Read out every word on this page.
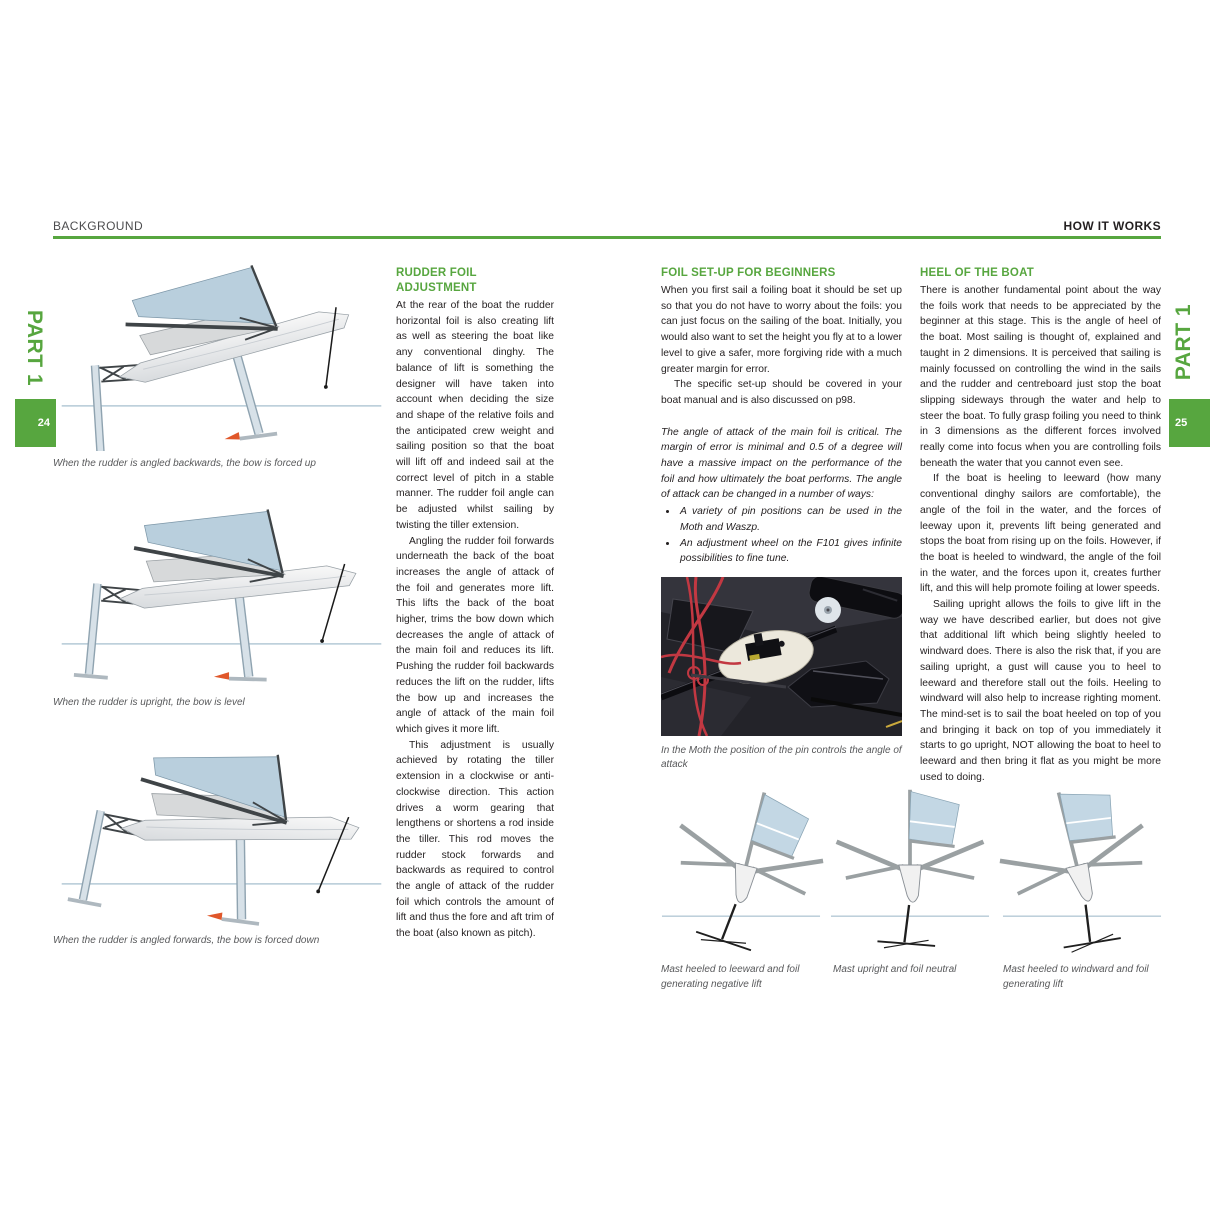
BACKGROUND	HOW IT WORKS
PART 1	PART 1
24	25
When the rudder is angled backwards, the bow is forced up
When the rudder is upright, the bow is level
When the rudder is angled forwards, the bow is forced down
RUDDER FOIL ADJUSTMENT

At the rear of the boat the rudder horizontal foil is also creating lift as well as steering the boat like any conventional dinghy. The balance of lift is something the designer will have taken into account when deciding the size and shape of the relative foils and the anticipated crew weight and sailing position so that the boat will lift off and indeed sail at the correct level of pitch in a stable manner. The rudder foil angle can be adjusted whilst sailing by twisting the tiller extension.

Angling the rudder foil forwards underneath the back of the boat increases the angle of attack of the foil and generates more lift. This lifts the back of the boat higher, trims the bow down which decreases the angle of attack of the main foil and reduces its lift. Pushing the rudder foil backwards reduces the lift on the rudder, lifts the bow up and increases the angle of attack of the main foil which gives it more lift.

This adjustment is usually achieved by rotating the tiller extension in a clockwise or anti-clockwise direction. This action drives a worm gearing that lengthens or shortens a rod inside the tiller. This rod moves the rudder stock forwards and backwards as required to control the angle of attack of the rudder foil which controls the amount of lift and thus the fore and aft trim of the boat (also known as pitch).

FOIL SET-UP FOR BEGINNERS

When you first sail a foiling boat it should be set up so that you do not have to worry about the foils: you can just focus on the sailing of the boat. Initially, you would also want to set the height you fly at to a lower level to give a safer, more forgiving ride with a much greater margin for error.

The specific set-up should be covered in your boat manual and is also discussed on p98.

The angle of attack of the main foil is critical. The margin of error is minimal and 0.5 of a degree will have a massive impact on the performance of the foil and how ultimately the boat performs. The angle of attack can be changed in a number of ways:

• A variety of pin positions can be used in the Moth and Waszp.
• An adjustment wheel on the F101 gives infinite possibilities to fine tune.
In the Moth the position of the pin controls the angle of attack
HEEL OF THE BOAT

There is another fundamental point about the way the foils work that needs to be appreciated by the beginner at this stage. This is the angle of heel of the boat. Most sailing is thought of, explained and taught in 2 dimensions. It is perceived that sailing is mainly focussed on controlling the wind in the sails and the rudder and centreboard just stop the boat slipping sideways through the water and help to steer the boat. To fully grasp foiling you need to think in 3 dimensions as the different forces involved really come into focus when you are controlling foils beneath the water that you cannot even see.

If the boat is heeling to leeward (how many conventional dinghy sailors are comfortable), the angle of the foil in the water, and the forces of leeway upon it, prevents lift being generated and stops the boat from rising up on the foils. However, if the boat is heeled to windward, the angle of the foil in the water, and the forces upon it, creates further lift, and this will help promote foiling at lower speeds.

Sailing upright allows the foils to give lift in the way we have described earlier, but does not give that additional lift which being slightly heeled to windward does. There is also the risk that, if you are sailing upright, a gust will cause you to heel to leeward and therefore stall out the foils. Heeling to windward will also help to increase righting moment. The mind-set is to sail the boat heeled on top of you and bringing it back on top of you immediately it starts to go upright, NOT allowing the boat to heel to leeward and then bring it flat as you might be more used to doing.

Mast heeled to leeward and foil generating negative lift
Mast upright and foil neutral	Mast heeled to windward and foil generating lift
